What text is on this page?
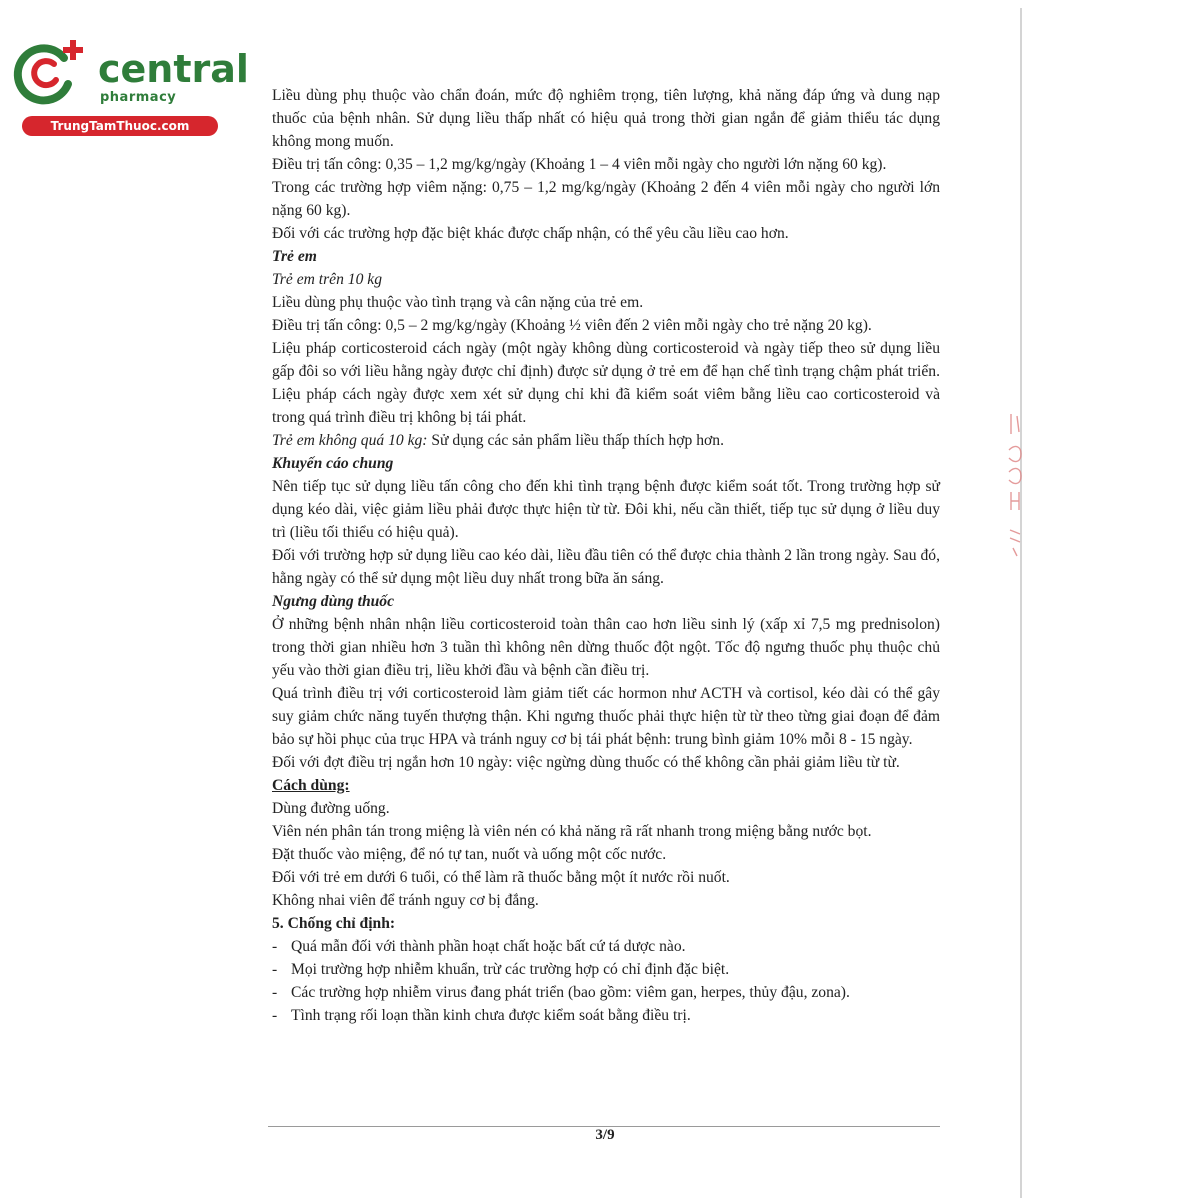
central
pharmacy
TrungTamThuoc.com

Liều dùng phụ thuộc vào chẩn đoán, mức độ nghiêm trọng, tiên lượng, khả năng đáp ứng và dung nạp thuốc của bệnh nhân. Sử dụng liều thấp nhất có hiệu quả trong thời gian ngắn để giảm thiểu tác dụng không mong muốn.

Điều trị tấn công: 0,35 – 1,2 mg/kg/ngày (Khoảng 1 – 4 viên mỗi ngày cho người lớn nặng 60 kg).

Trong các trường hợp viêm nặng: 0,75 – 1,2 mg/kg/ngày (Khoảng 2 đến 4 viên mỗi ngày cho người lớn nặng 60 kg).

Đối với các trường hợp đặc biệt khác được chấp nhận, có thể yêu cầu liều cao hơn.

Trẻ em

Trẻ em trên 10 kg

Liều dùng phụ thuộc vào tình trạng và cân nặng của trẻ em.

Điều trị tấn công: 0,5 – 2 mg/kg/ngày (Khoảng ½ viên đến 2 viên mỗi ngày cho trẻ nặng 20 kg).

Liệu pháp corticosteroid cách ngày (một ngày không dùng corticosteroid và ngày tiếp theo sử dụng liều gấp đôi so với liều hằng ngày được chỉ định) được sử dụng ở trẻ em để hạn chế tình trạng chậm phát triển. Liệu pháp cách ngày được xem xét sử dụng chỉ khi đã kiểm soát viêm bằng liều cao corticosteroid và trong quá trình điều trị không bị tái phát.

Trẻ em không quá 10 kg: Sử dụng các sản phẩm liều thấp thích hợp hơn.

Khuyến cáo chung

Nên tiếp tục sử dụng liều tấn công cho đến khi tình trạng bệnh được kiểm soát tốt. Trong trường hợp sử dụng kéo dài, việc giảm liều phải được thực hiện từ từ. Đôi khi, nếu cần thiết, tiếp tục sử dụng ở liều duy trì (liều tối thiểu có hiệu quả).

Đối với trường hợp sử dụng liều cao kéo dài, liều đầu tiên có thể được chia thành 2 lần trong ngày. Sau đó, hằng ngày có thể sử dụng một liều duy nhất trong bữa ăn sáng.

Ngưng dùng thuốc

Ở những bệnh nhân nhận liều corticosteroid toàn thân cao hơn liều sinh lý (xấp xỉ 7,5 mg prednisolon) trong thời gian nhiều hơn 3 tuần thì không nên dừng thuốc đột ngột. Tốc độ ngưng thuốc phụ thuộc chủ yếu vào thời gian điều trị, liều khởi đầu và bệnh cần điều trị.

Quá trình điều trị với corticosteroid làm giảm tiết các hormon như ACTH và cortisol, kéo dài có thể gây suy giảm chức năng tuyến thượng thận. Khi ngưng thuốc phải thực hiện từ từ theo từng giai đoạn để đảm bảo sự hồi phục của trục HPA và tránh nguy cơ bị tái phát bệnh: trung bình giảm 10% mỗi 8 - 15 ngày.

Đối với đợt điều trị ngắn hơn 10 ngày: việc ngừng dùng thuốc có thể không cần phải giảm liều từ từ.

Cách dùng:

Dùng đường uống.

Viên nén phân tán trong miệng là viên nén có khả năng rã rất nhanh trong miệng bằng nước bọt.

Đặt thuốc vào miệng, để nó tự tan, nuốt và uống một cốc nước.

Đối với trẻ em dưới 6 tuổi, có thể làm rã thuốc bằng một ít nước rồi nuốt.

Không nhai viên để tránh nguy cơ bị đắng.

5. Chống chỉ định:

- Quá mẫn đối với thành phần hoạt chất hoặc bất cứ tá dược nào.
- Mọi trường hợp nhiễm khuẩn, trừ các trường hợp có chỉ định đặc biệt.
- Các trường hợp nhiễm virus đang phát triển (bao gồm: viêm gan, herpes, thủy đậu, zona).
- Tình trạng rối loạn thần kinh chưa được kiểm soát bằng điều trị.
3/9
